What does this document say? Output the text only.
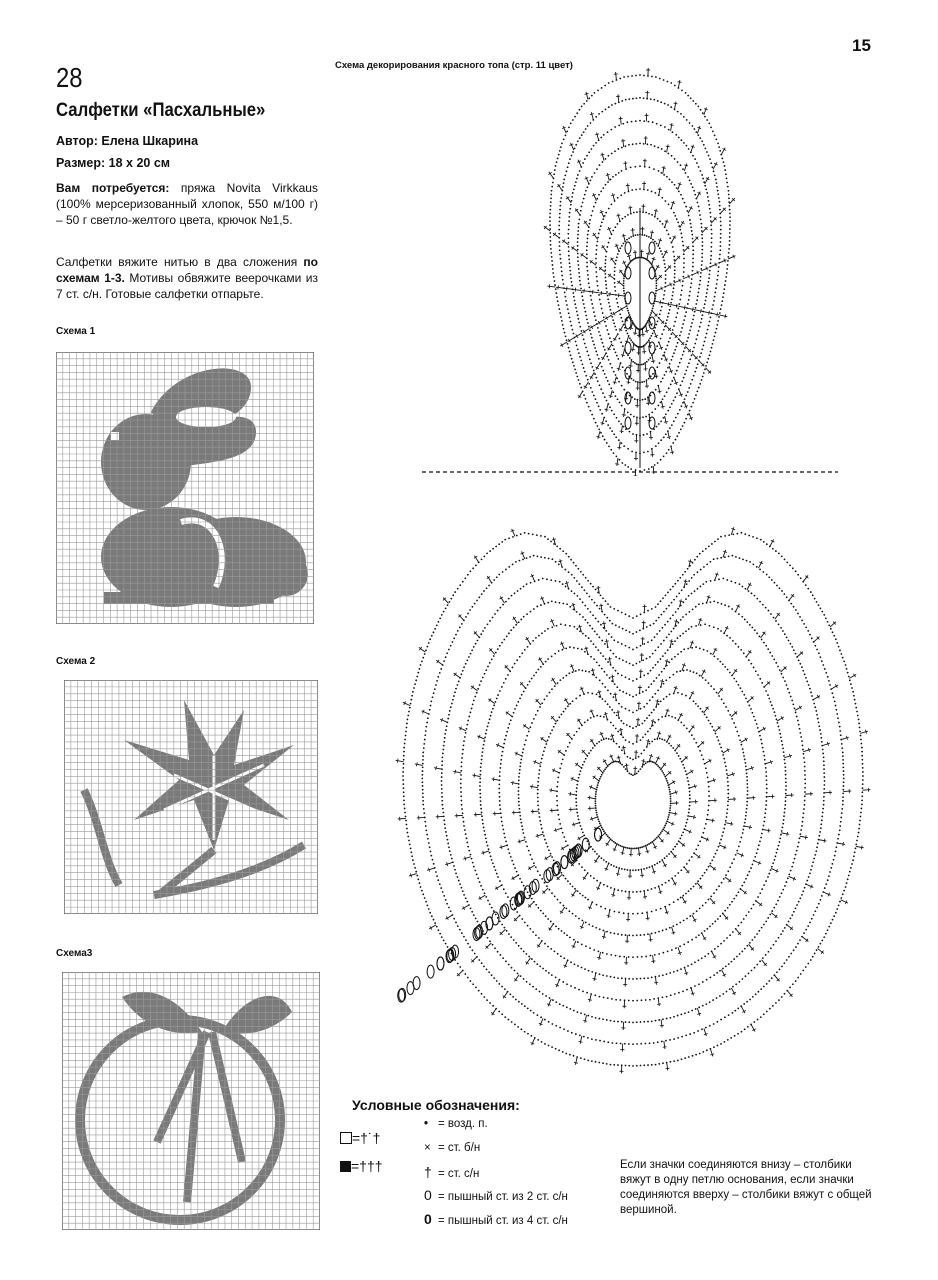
15
28
Салфетки «Пасхальные»
Автор: Елена Шкарина
Размер: 18 х 20 см
Вам потребуется: пряжа Novita Virkkaus (100% мерсеризованный хлопок, 550 м/100 г) – 50 г светло-желтого цвета, крючок №1,5.
Салфетки вяжите нитью в два сложения по схемам 1-3. Мотивы обвяжите веерочками из 7 ст. с/н. Готовые салфетки отпарьте.
Схема 1
Схема 2
Схема3
Схема декорирования красного топа (стр. 11 цвет)
Условные обозначения:
=†˙†
=†††
• = возд. п.
× = ст. б/н
† = ст. с/н
0 = пышный ст. из 2 ст. с/н
0 = пышный ст. из 4 ст. с/н
Если значки соединяются внизу – столбики вяжут в одну петлю основания, если значки соединяются вверху – столбики вяжут с общей вершиной.
